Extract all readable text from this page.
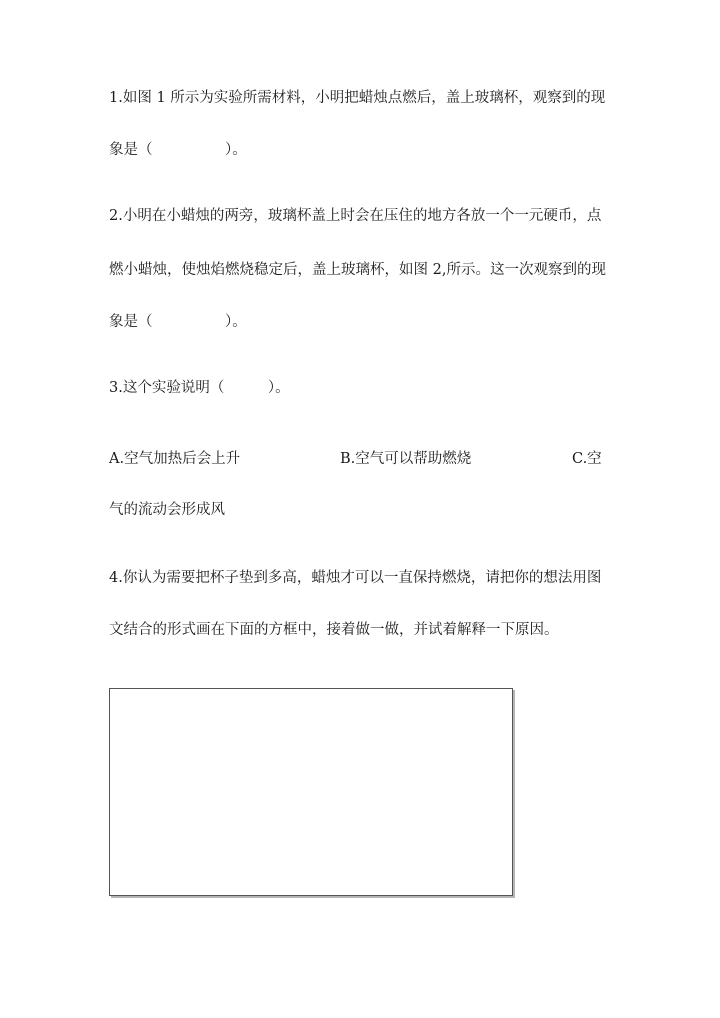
1.如图 1 所示为实验所需材料，小明把蜡烛点燃后，盖上玻璃杯，观察到的现
象是（　　　　　）。
2.小明在小蜡烛的两旁，玻璃杯盖上时会在压住的地方各放一个一元硬币，点
燃小蜡烛，使烛焰燃烧稳定后，盖上玻璃杯，如图 2,所示。这一次观察到的现
象是（　　　　　）。
3.这个实验说明（　　　）。
A.空气加热后会上升	B.空气可以帮助燃烧	C.空
气的流动会形成风
4.你认为需要把杯子垫到多高，蜡烛才可以一直保持燃烧，请把你的想法用图
文结合的形式画在下面的方框中，接着做一做，并试着解释一下原因。
